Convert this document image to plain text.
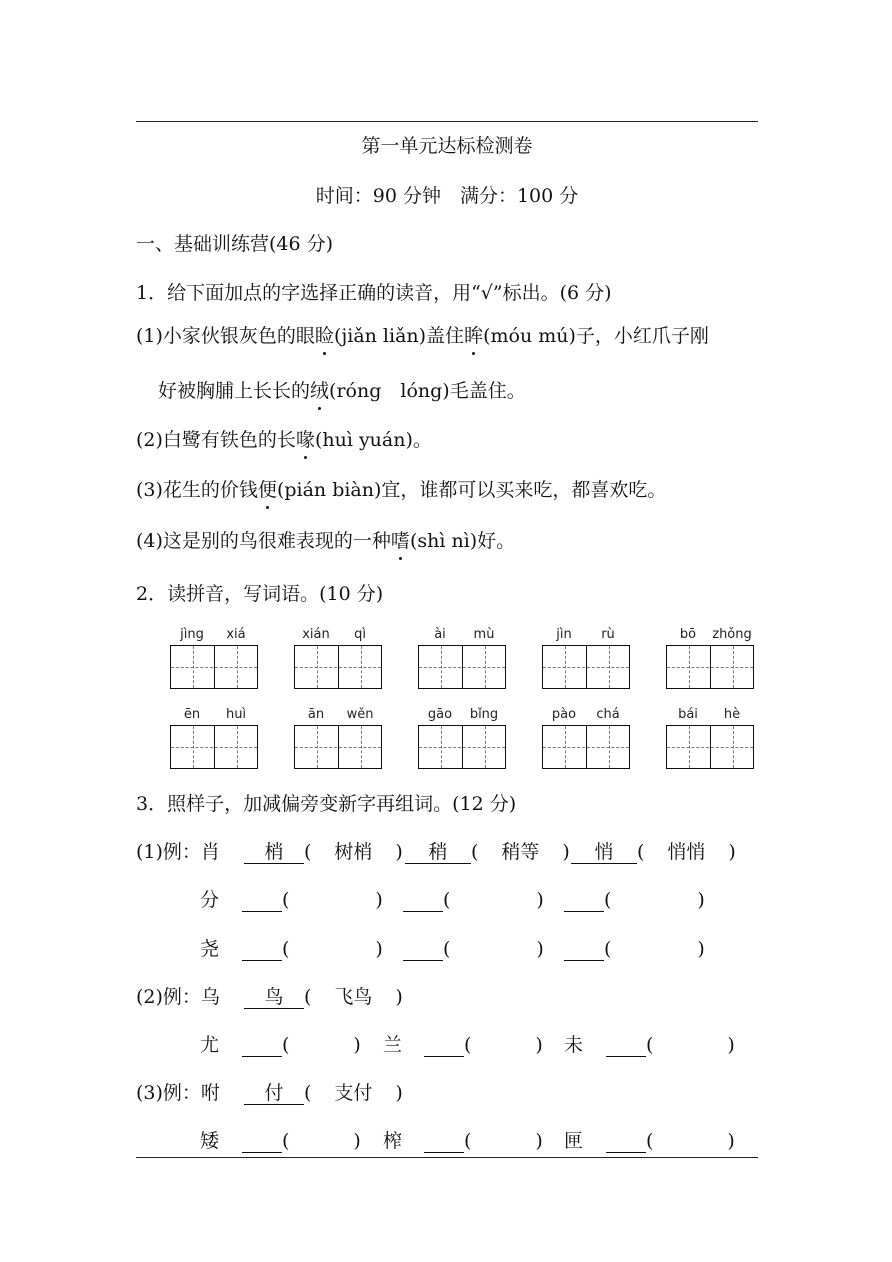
第一单元达标检测卷
时间：90 分钟　满分：100 分
一、基础训练营(46 分)
1．给下面加点的字选择正确的读音，用“√”标出。(6 分)
(1)小家伙银灰色的眼睑(jiǎn liǎn)盖住眸(móu mú)子，小红爪子刚
好被胸脯上长长的绒(róng　lóng)毛盖住。
(2)白鹭有铁色的长喙(huì yuán)。
(3)花生的价钱便(pián biàn)宜，谁都可以买来吃，都喜欢吃。
(4)这是别的鸟很难表现的一种嗜(shì nì)好。
2．读拼音，写词语。(10 分)
jìng xiá	xián qì	ài mù	jìn rù	bō zhǒng
ēn huì	ān wěn	gāo bǐng	pào chá	bái hè
3．照样子，加减偏旁变新字再组词。(12 分)
(1)例：肖	梢 ( 树梢 )	稍 ( 稍等 )	悄 ( 悄悄 )
分	(	)	(	)	(	)
尧	(	)	(	)	(	)
(2)例：乌	鸟 ( 飞鸟 )
尤	(	) 兰	(	) 未	(	)
(3)例：咐	付 ( 支付 )
矮	(	) 榨	(	) 匣	(	)
